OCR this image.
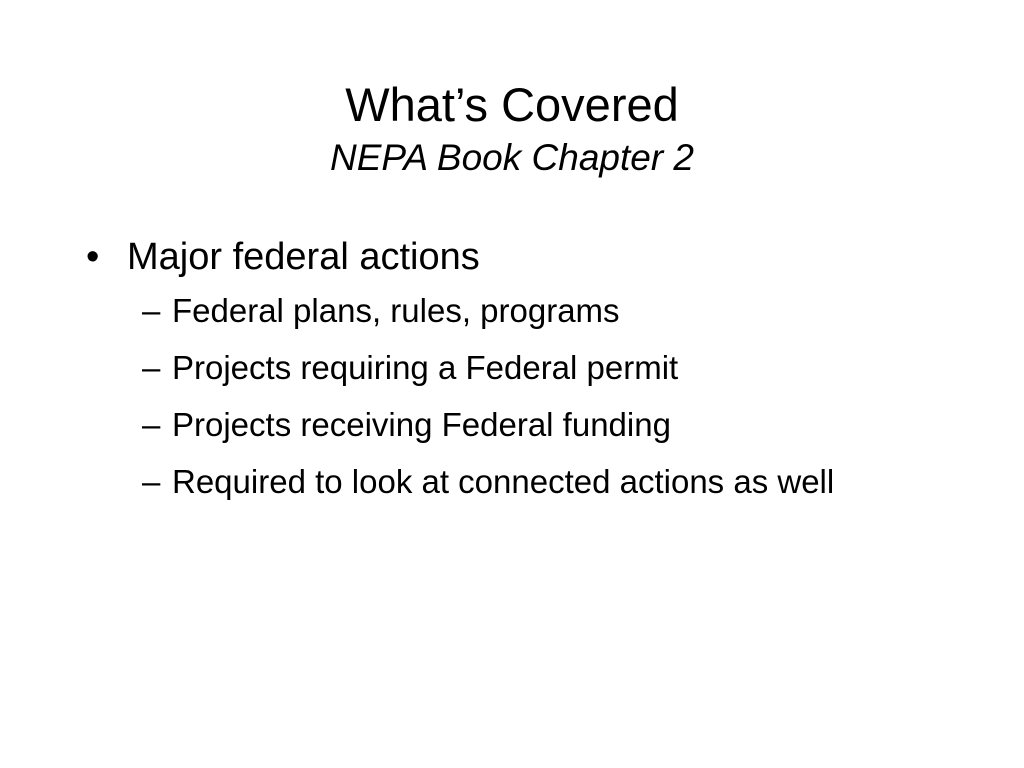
What’s Covered
NEPA Book Chapter 2
• Major federal actions
– Federal plans, rules, programs
– Projects requiring a Federal permit
– Projects receiving Federal funding
– Required to look at connected actions as well
